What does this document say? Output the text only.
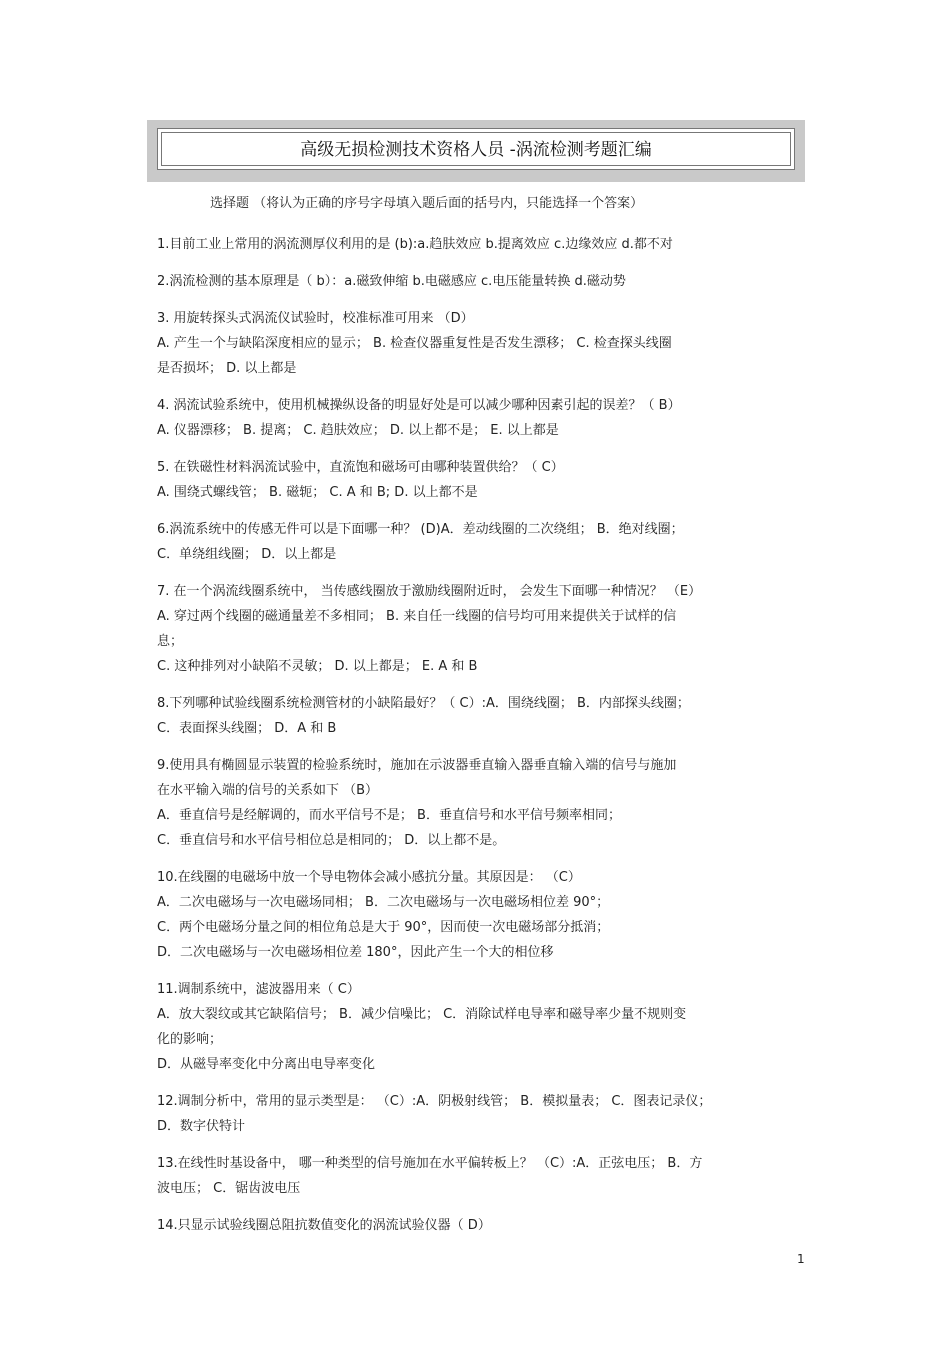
高级无损检测技术资格人员 -涡流检测考题汇编
选择题 （将认为正确的序号字母填入题后面的括号内，只能选择一个答案）
1.目前工业上常用的涡流测厚仪利用的是 (b):a.趋肤效应 b.提离效应 c.边缘效应 d.都不对
2.涡流检测的基本原理是（ b）：a.磁致伸缩 b.电磁感应 c.电压能量转换 d.磁动势
3. 用旋转探头式涡流仪试验时，校准标准可用来 （D）
A. 产生一个与缺陷深度相应的显示； B. 检查仪器重复性是否发生漂移； C. 检查探头线圈
是否损坏； D. 以上都是
4. 涡流试验系统中，使用机械操纵设备的明显好处是可以减少哪种因素引起的误差？（ B）
A. 仪器漂移； B. 提离； C. 趋肤效应； D. 以上都不是； E. 以上都是
5. 在铁磁性材料涡流试验中，直流饱和磁场可由哪种装置供给？（ C）
A. 围绕式螺线管； B. 磁轭； C. A 和 B; D. 以上都不是
6.涡流系统中的传感无件可以是下面哪一种？ (D)A．差动线圈的二次绕组； B．绝对线圈；
C．单绕组线圈； D．以上都是
7. 在一个涡流线圈系统中， 当传感线圈放于激励线圈附近时， 会发生下面哪一种情况？ （E）
A. 穿过两个线圈的磁通量差不多相同； B. 来自任一线圈的信号均可用来提供关于试样的信
息；
C. 这种排列对小缺陷不灵敏； D. 以上都是； E. A 和 B
8.下列哪种试验线圈系统检测管材的小缺陷最好？（ C）:A．围绕线圈； B．内部探头线圈；
C．表面探头线圈； D．A 和 B
9.使用具有椭圆显示装置的检验系统时，施加在示波器垂直输入器垂直输入端的信号与施加
在水平输入端的信号的关系如下 （B）
A．垂直信号是经解调的，而水平信号不是； B．垂直信号和水平信号频率相同；
C．垂直信号和水平信号相位总是相同的； D．以上都不是。
10.在线圈的电磁场中放一个导电物体会减小感抗分量。其原因是： （C）
A．二次电磁场与一次电磁场同相； B．二次电磁场与一次电磁场相位差 90°；
C．两个电磁场分量之间的相位角总是大于 90°，因而使一次电磁场部分抵消；
D．二次电磁场与一次电磁场相位差 180°，因此产生一个大的相位移
11.调制系统中，滤波器用来（ C）
A．放大裂纹或其它缺陷信号； B．减少信噪比； C．消除试样电导率和磁导率少量不规则变
化的影响；
D．从磁导率变化中分离出电导率变化
12.调制分析中，常用的显示类型是： （C）:A．阴极射线管； B．模拟量表； C．图表记录仪；
D．数字伏特计
13.在线性时基设备中， 哪一种类型的信号施加在水平偏转板上？ （C）:A．正弦电压； B．方
波电压； C．锯齿波电压
14.只显示试验线圈总阻抗数值变化的涡流试验仪器（ D）
1
